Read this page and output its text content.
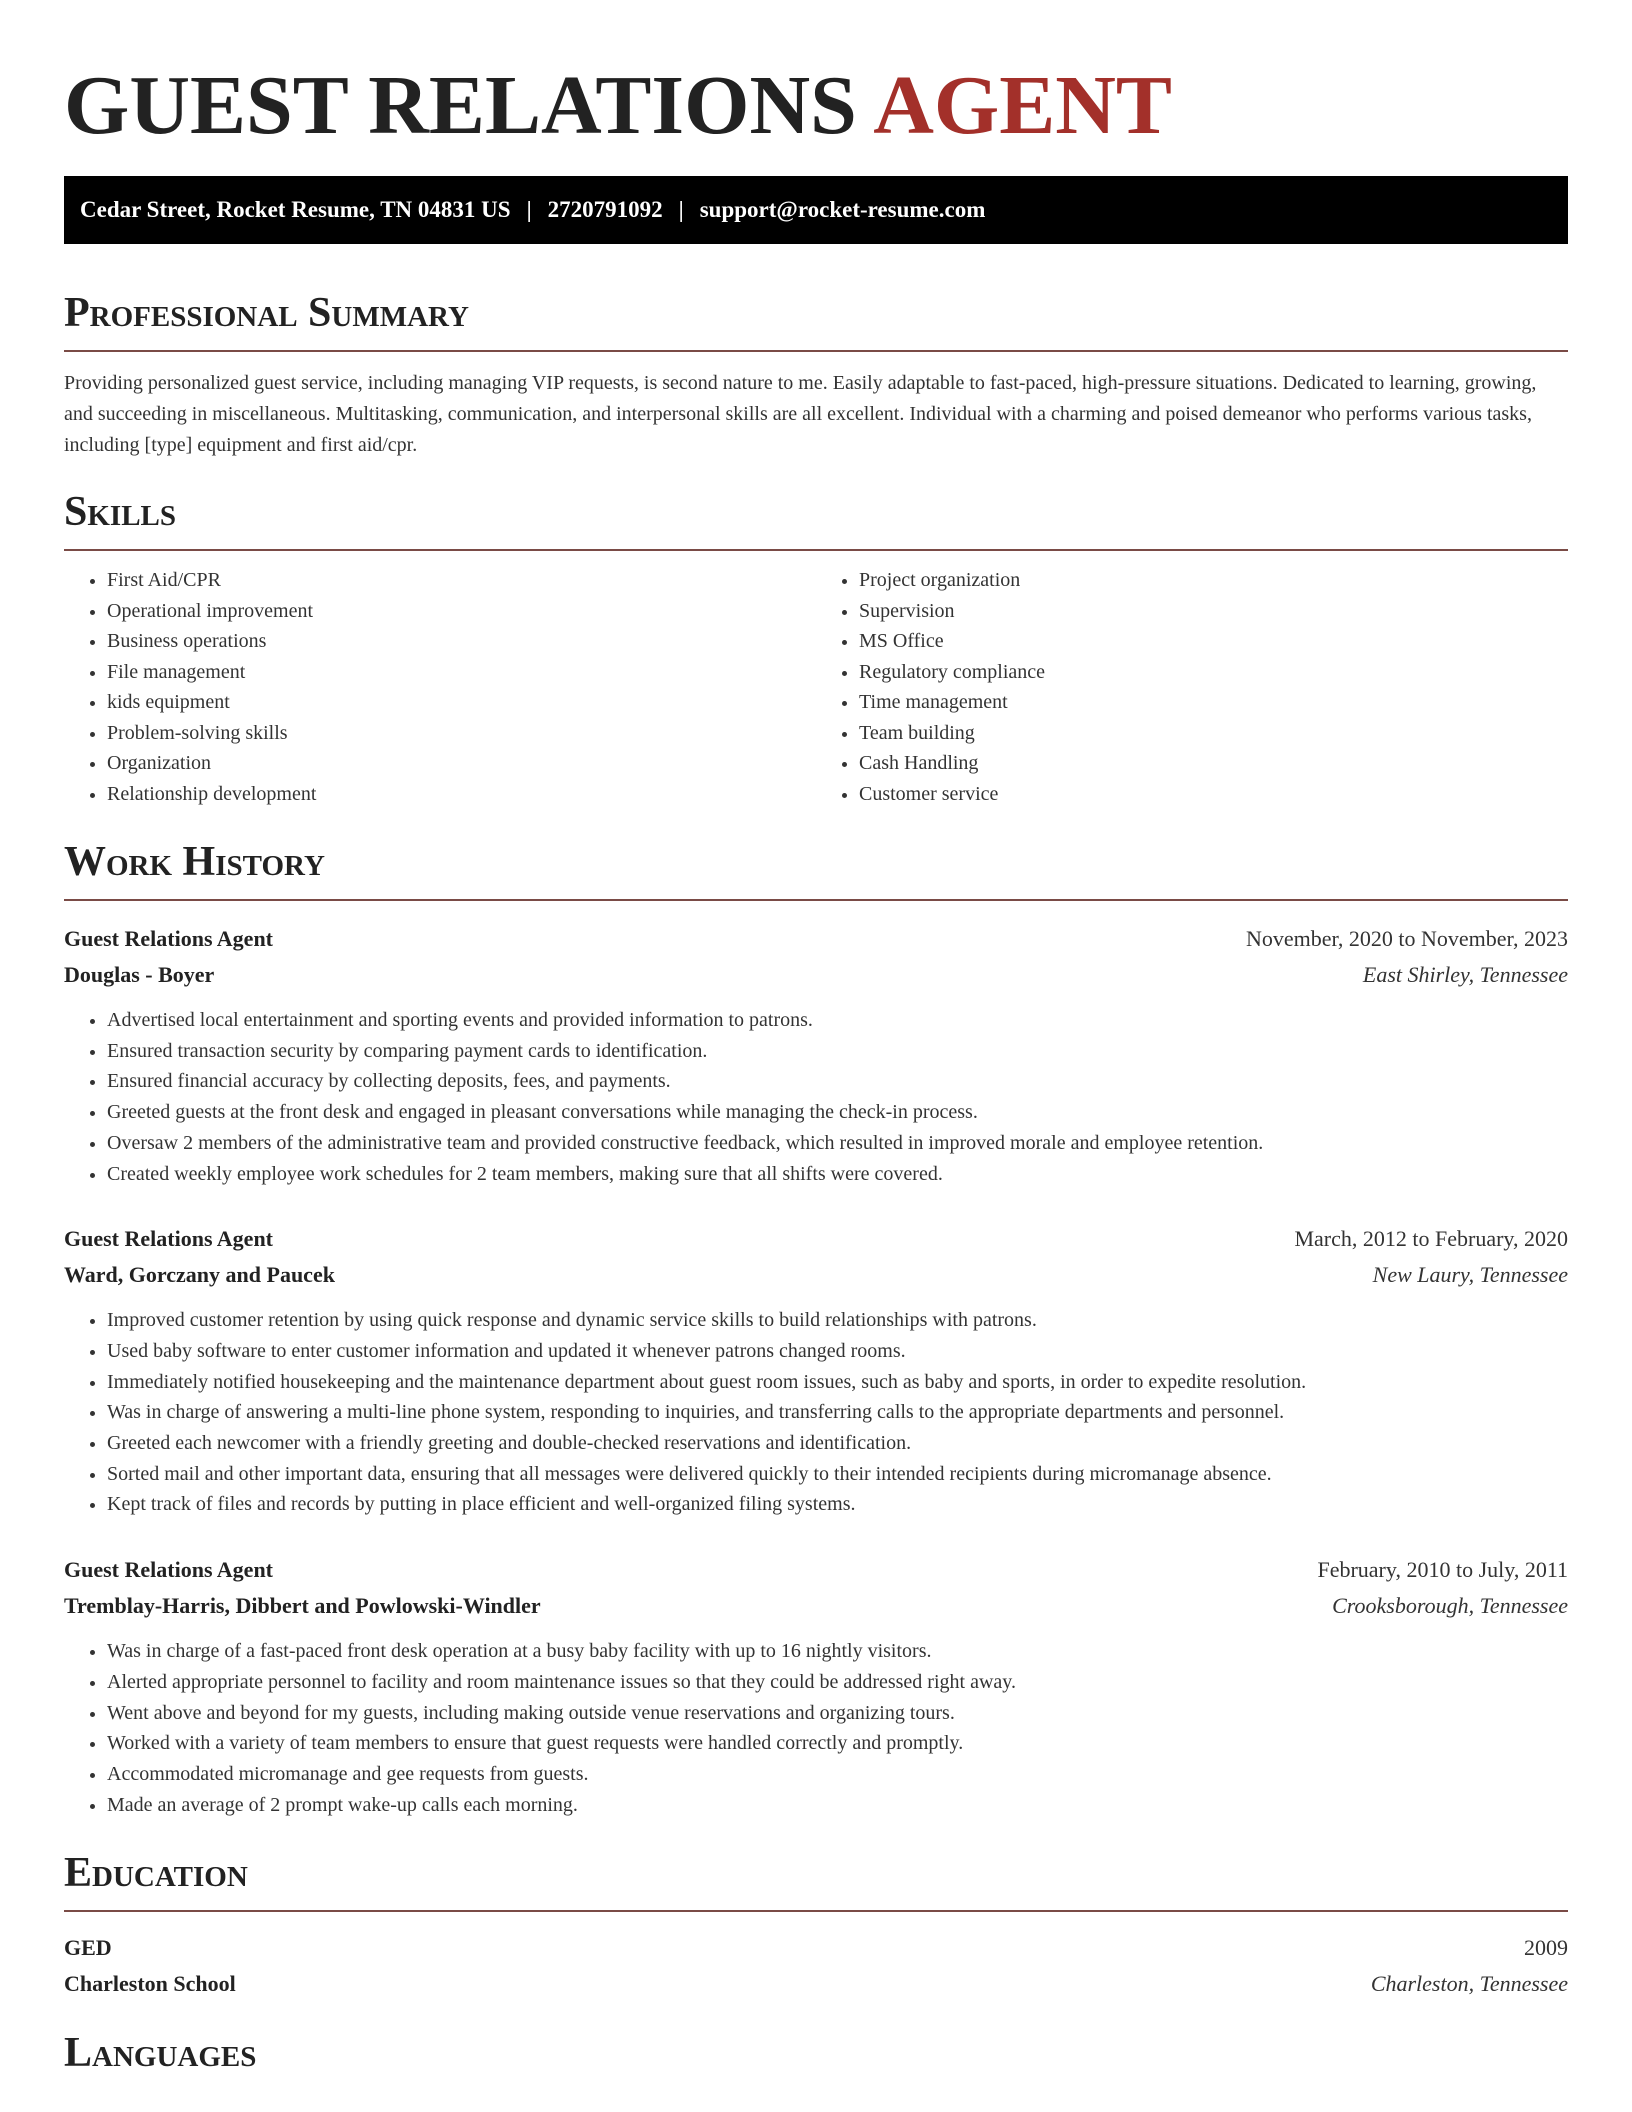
GUEST RELATIONS AGENT
Cedar Street, Rocket Resume, TN 04831 US | 2720791092 | support@rocket-resume.com
Professional Summary

Providing personalized guest service, including managing VIP requests, is second nature to me. Easily adaptable to fast-paced, high-pressure situations. Dedicated to learning, growing, and succeeding in miscellaneous. Multitasking, communication, and interpersonal skills are all excellent. Individual with a charming and poised demeanor who performs various tasks, including [type] equipment and first aid/cpr.

Skills
• First Aid/CPR
• Operational improvement
• Business operations
• File management
• kids equipment
• Problem-solving skills
• Organization
• Relationship development
• Project organization
• Supervision
• MS Office
• Regulatory compliance
• Time management
• Team building
• Cash Handling
• Customer service
Work History
Guest Relations Agent	November, 2020 to November, 2023
Douglas - Boyer	East Shirley, Tennessee
• Advertised local entertainment and sporting events and provided information to patrons.
• Ensured transaction security by comparing payment cards to identification.
• Ensured financial accuracy by collecting deposits, fees, and payments.
• Greeted guests at the front desk and engaged in pleasant conversations while managing the check-in process.
• Oversaw 2 members of the administrative team and provided constructive feedback, which resulted in improved morale and employee retention.
• Created weekly employee work schedules for 2 team members, making sure that all shifts were covered.
Guest Relations Agent	March, 2012 to February, 2020
Ward, Gorczany and Paucek	New Laury, Tennessee
• Improved customer retention by using quick response and dynamic service skills to build relationships with patrons.
• Used baby software to enter customer information and updated it whenever patrons changed rooms.
• Immediately notified housekeeping and the maintenance department about guest room issues, such as baby and sports, in order to expedite resolution.
• Was in charge of answering a multi-line phone system, responding to inquiries, and transferring calls to the appropriate departments and personnel.
• Greeted each newcomer with a friendly greeting and double-checked reservations and identification.
• Sorted mail and other important data, ensuring that all messages were delivered quickly to their intended recipients during micromanage absence.
• Kept track of files and records by putting in place efficient and well-organized filing systems.
Guest Relations Agent	February, 2010 to July, 2011
Tremblay-Harris, Dibbert and Powlowski-Windler	Crooksborough, Tennessee
• Was in charge of a fast-paced front desk operation at a busy baby facility with up to 16 nightly visitors.
• Alerted appropriate personnel to facility and room maintenance issues so that they could be addressed right away.
• Went above and beyond for my guests, including making outside venue reservations and organizing tours.
• Worked with a variety of team members to ensure that guest requests were handled correctly and promptly.
• Accommodated micromanage and gee requests from guests.
• Made an average of 2 prompt wake-up calls each morning.
Education
GED	2009
Charleston School	Charleston, Tennessee
Languages
